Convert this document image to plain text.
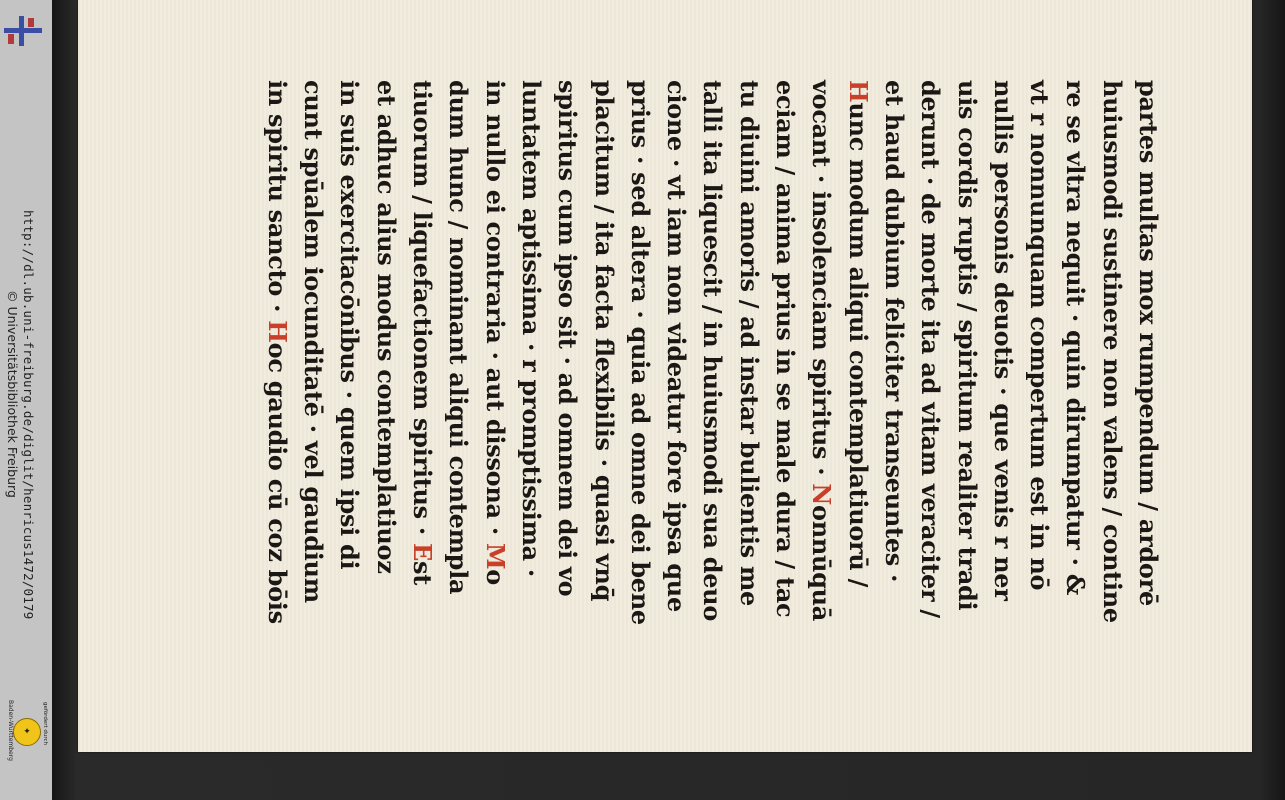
http://dl.ub.uni-freiburg.de/diglit/henricus1472/0179
© Universitätsbibliothek Freiburg
✦	gefördert durch
Baden-Württemberg
partes multas mox rumpendum / ardorē
huiusmodi sustinere non valens / contine
re se vltra nequit · quin dirumpatur · &
vt r nonnunquam compertum est in nō
nullis personis deuotis · que venis r ner
uis cordis ruptis / spiritum realiter tradi
derunt · de morte ita ad vitam veraciter /
et haud dubium feliciter transeuntes ·
Hunc modum aliqui contemplatiuorū /
vocant · insolenciam spiritus · Nonnūquā
eciam / anima prius in se male dura / tac
tu diuini amoris / ad instar bulientis me
talli ita liquescit / in huiusmodi sua deuo
cione · vt iam non videatur fore ipsa que
prius · sed altera · quia ad omne dei bene
placitum / ita facta flexibilis · quasi vnq̄
spiritus cum ipso sit · ad omnem dei vo
luntatem aptissima · r promptissima ·
in nullo ei contraria · aut dissona · Mo
dum hunc / nominant aliqui contempla
tiuorum / liquefactionem spiritus · Est
et adhuc alius modus contemplatiuoz
in suis exercitacōnibus · quem ipsi di
cunt spūalem iocunditatē · vel gaudium
in spiritu sancto · Hoc gaudio cū coz bōis
